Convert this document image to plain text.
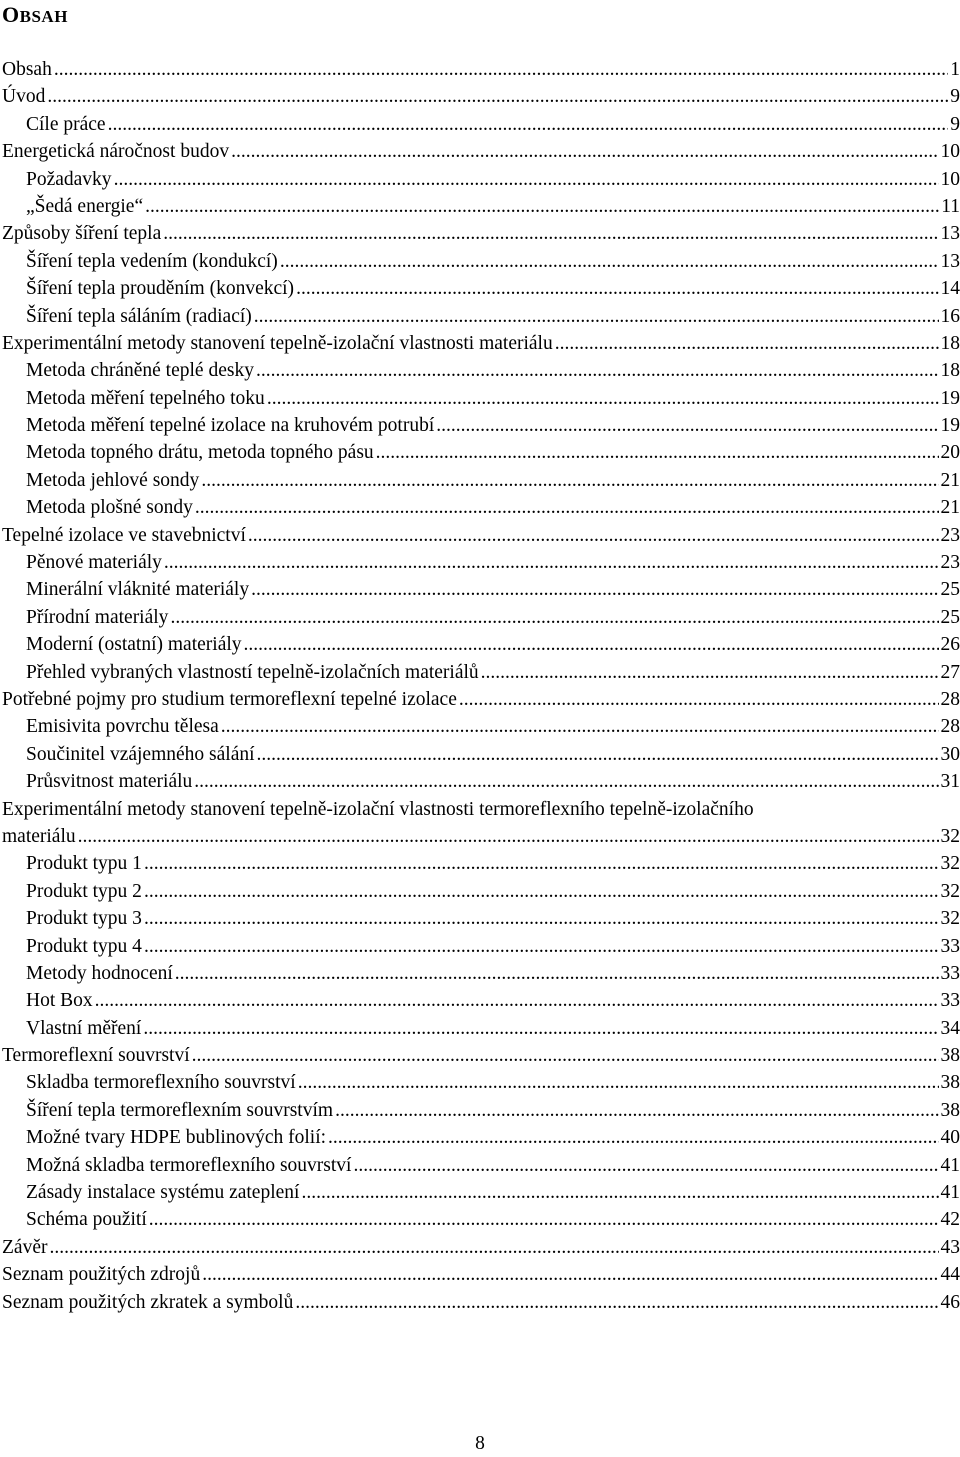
OBSAH
Obsah .....	1
Úvod .....	9
Cíle práce .....	9
Energetická náročnost budov .....	10
Požadavky .....	10
„Šedá energie“ .....	11
Způsoby šíření tepla .....	13
Šíření tepla vedením (kondukcí) .....	13
Šíření tepla prouděním (konvekcí) .....	14
Šíření tepla sáláním (radiací) .....	16
Experimentální metody stanovení tepelně-izolační vlastnosti materiálu .....	18
Metoda chráněné teplé desky .....	18
Metoda měření tepelného toku .....	19
Metoda měření tepelné izolace na kruhovém potrubí .....	19
Metoda topného drátu, metoda topného pásu .....	20
Metoda jehlové sondy .....	21
Metoda plošné sondy .....	21
Tepelné izolace ve stavebnictví .....	23
Pěnové materiály .....	23
Minerální vláknité materiály .....	25
Přírodní materiály .....	25
Moderní (ostatní) materiály .....	26
Přehled vybraných vlastností tepelně-izolačních materiálů .....	27
Potřebné pojmy pro studium termoreflexní tepelné izolace .....	28
Emisivita povrchu tělesa .....	28
Součinitel vzájemného sálání .....	30
Průsvitnost materiálu .....	31
Experimentální metody stanovení tepelně-izolační vlastnosti termoreflexního tepelně-izolačního
materiálu .....	32
Produkt typu 1 .....	32
Produkt typu 2 .....	32
Produkt typu 3 .....	32
Produkt typu 4 .....	33
Metody hodnocení .....	33
Hot Box .....	33
Vlastní měření .....	34
Termoreflexní souvrství .....	38
Skladba termoreflexního souvrství .....	38
Šíření tepla termoreflexním souvrstvím .....	38
Možné tvary HDPE bublinových folií: .....	40
Možná skladba termoreflexního souvrství .....	41
Zásady instalace systému zateplení .....	41
Schéma použití .....	42
Závěr .....	43
Seznam použitých zdrojů .....	44
Seznam použitých zkratek a symbolů .....	46
8
